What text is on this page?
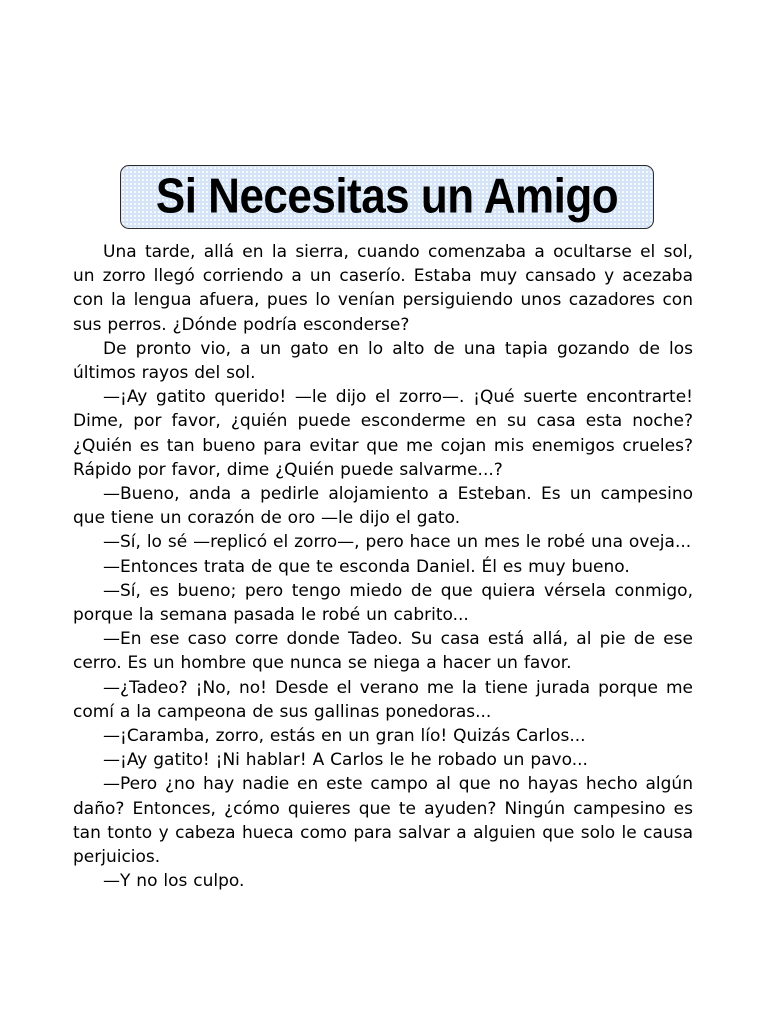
Si Necesitas un Amigo

Una tarde, allá en la sierra, cuando comenzaba a ocultarse el sol, un zorro llegó corriendo a un caserío. Estaba muy cansado y acezaba con la lengua afuera, pues lo venían persiguiendo unos cazadores con sus perros. ¿Dónde podría esconderse?

De pronto vio, a un gato en lo alto de una tapia gozando de los últimos rayos del sol.

—¡Ay gatito querido! —le dijo el zorro—. ¡Qué suerte encontrarte! Dime, por favor, ¿quién puede esconderme en su casa esta noche? ¿Quién es tan bueno para evitar que me cojan mis enemigos crueles? Rápido por favor, dime ¿Quién puede salvarme...?

—Bueno, anda a pedirle alojamiento a Esteban. Es un campesino que tiene un corazón de oro —le dijo el gato.

—Sí, lo sé —replicó el zorro—, pero hace un mes le robé una oveja...

—Entonces trata de que te esconda Daniel. Él es muy bueno.

—Sí, es bueno; pero tengo miedo de que quiera vérsela conmigo, porque la semana pasada le robé un cabrito...

—En ese caso corre donde Tadeo. Su casa está allá, al pie de ese cerro. Es un hombre que nunca se niega a hacer un favor.

—¿Tadeo? ¡No, no! Desde el verano me la tiene jurada porque me comí a la campeona de sus gallinas ponedoras...

—¡Caramba, zorro, estás en un gran lío! Quizás Carlos...

—¡Ay gatito! ¡Ni hablar! A Carlos le he robado un pavo...

—Pero ¿no hay nadie en este campo al que no hayas hecho algún daño? Entonces, ¿cómo quieres que te ayuden? Ningún campesino es tan tonto y cabeza hueca como para salvar a alguien que solo le causa perjuicios.

—Y no los culpo.
